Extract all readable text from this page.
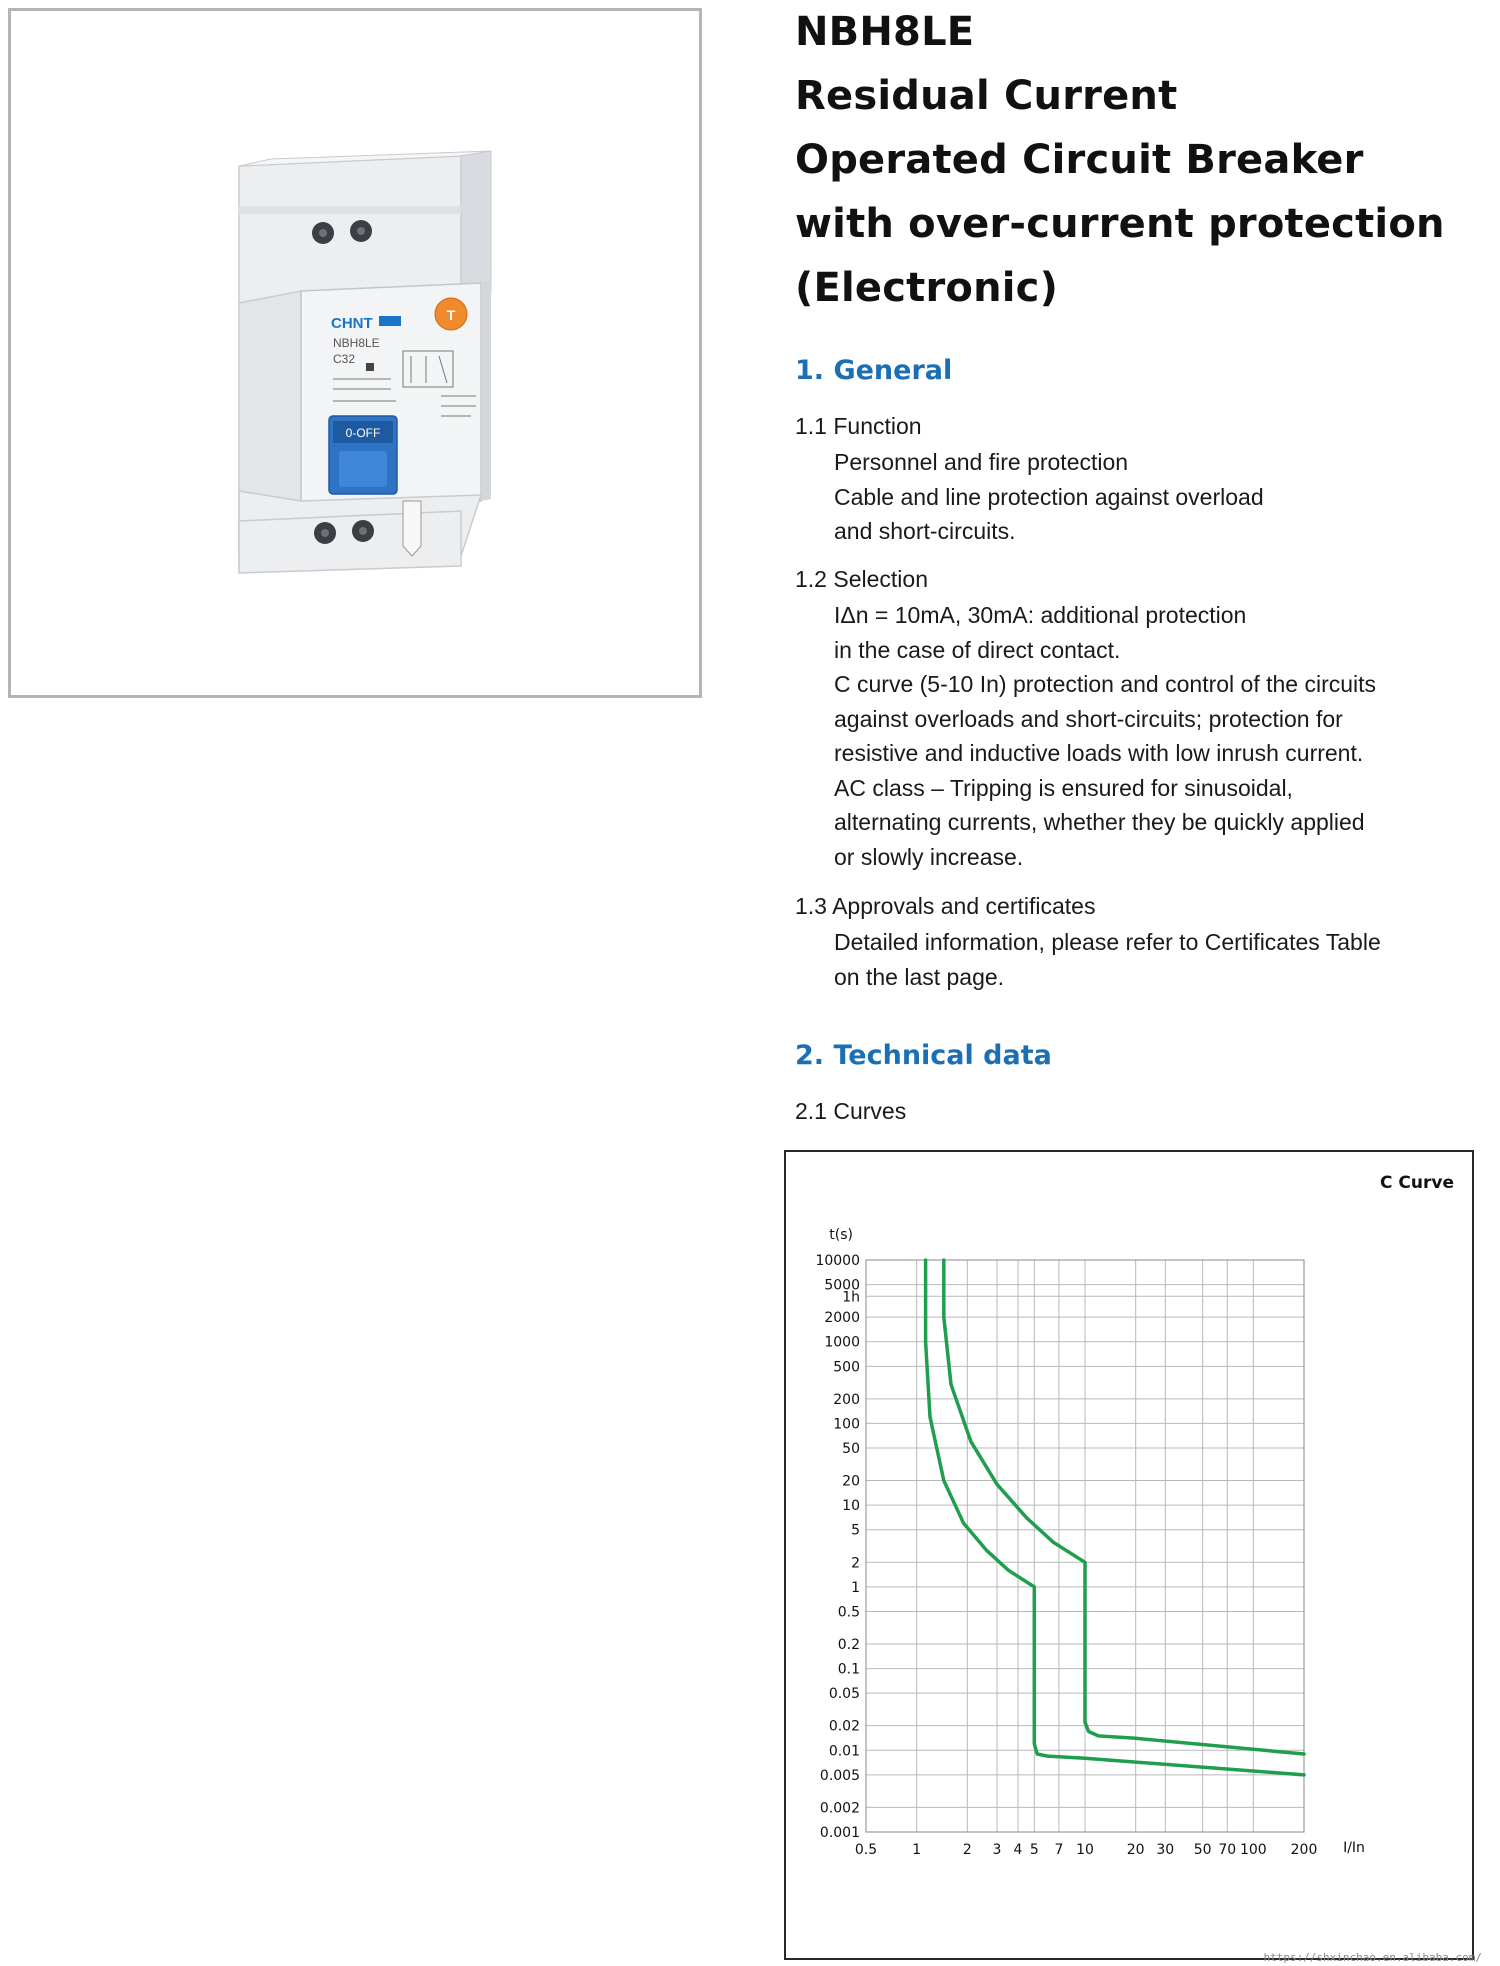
T
CHNT
NBH8LE
C32
0-OFF
NBH8LE
Residual Current
Operated Circuit Breaker
with over-current protection
(Electronic)
1. General
1.1 Function
Personnel and fire protection
Cable and line protection against overload
and short-circuits.
1.2 Selection
IΔn = 10mA, 30mA: additional protection
in the case of direct contact.
C curve (5-10 In) protection and control of the circuits
against overloads and short-circuits; protection for
resistive and inductive loads with low inrush current.
AC class – Tripping is ensured for sinusoidal,
alternating currents, whether they be quickly applied
or slowly increase.
1.3 Approvals and certificates
Detailed information, please refer to Certificates Table
on the last page.
2. Technical data
2.1 Curves
10000
5000
1h
2000
1000
500
200
100
50
20
10
5
2
1
0.5
0.2
0.1
0.05
0.02
0.01
0.005
0.002
0.001
0.5	1	2 3 4 5 7 10 20 30 50 70 100 200
C Curve
t(s)
I/In
https://shxinchao.en.alibaba.com/
